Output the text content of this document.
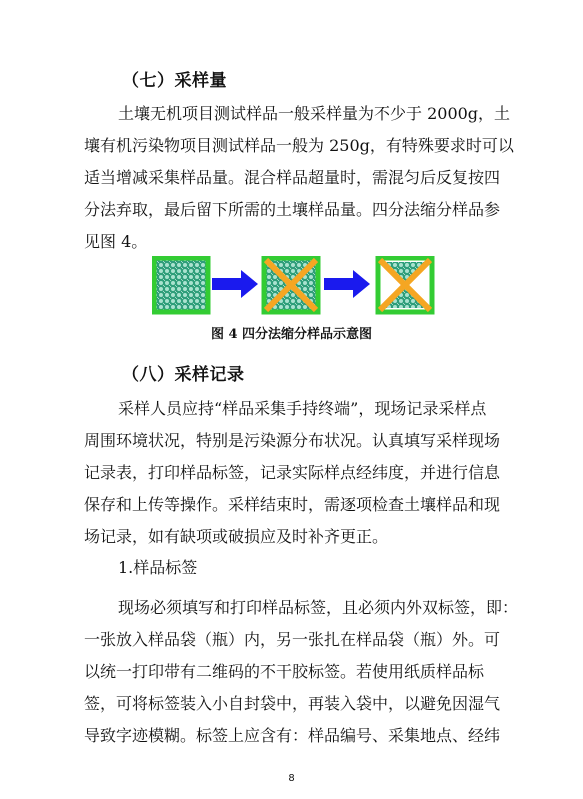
（七）采样量
土壤无机项目测试样品一般采样量为不少于 2000g，土
壤有机污染物项目测试样品一般为 250g，有特殊要求时可以
适当增减采集样品量。混合样品超量时，需混匀后反复按四
分法弃取，最后留下所需的土壤样品量。四分法缩分样品参
见图 4。
图 4 四分法缩分样品示意图
（八）采样记录
采样人员应持“样品采集手持终端”，现场记录采样点
周围环境状况，特别是污染源分布状况。认真填写采样现场
记录表，打印样品标签，记录实际样点经纬度，并进行信息
保存和上传等操作。采样结束时，需逐项检查土壤样品和现
场记录，如有缺项或破损应及时补齐更正。
1.样品标签
现场必须填写和打印样品标签，且必须内外双标签，即：
一张放入样品袋（瓶）内，另一张扎在样品袋（瓶）外。可
以统一打印带有二维码的不干胶标签。若使用纸质样品标
签，可将标签装入小自封袋中，再装入袋中，以避免因湿气
导致字迹模糊。标签上应含有：样品编号、采集地点、经纬
8
